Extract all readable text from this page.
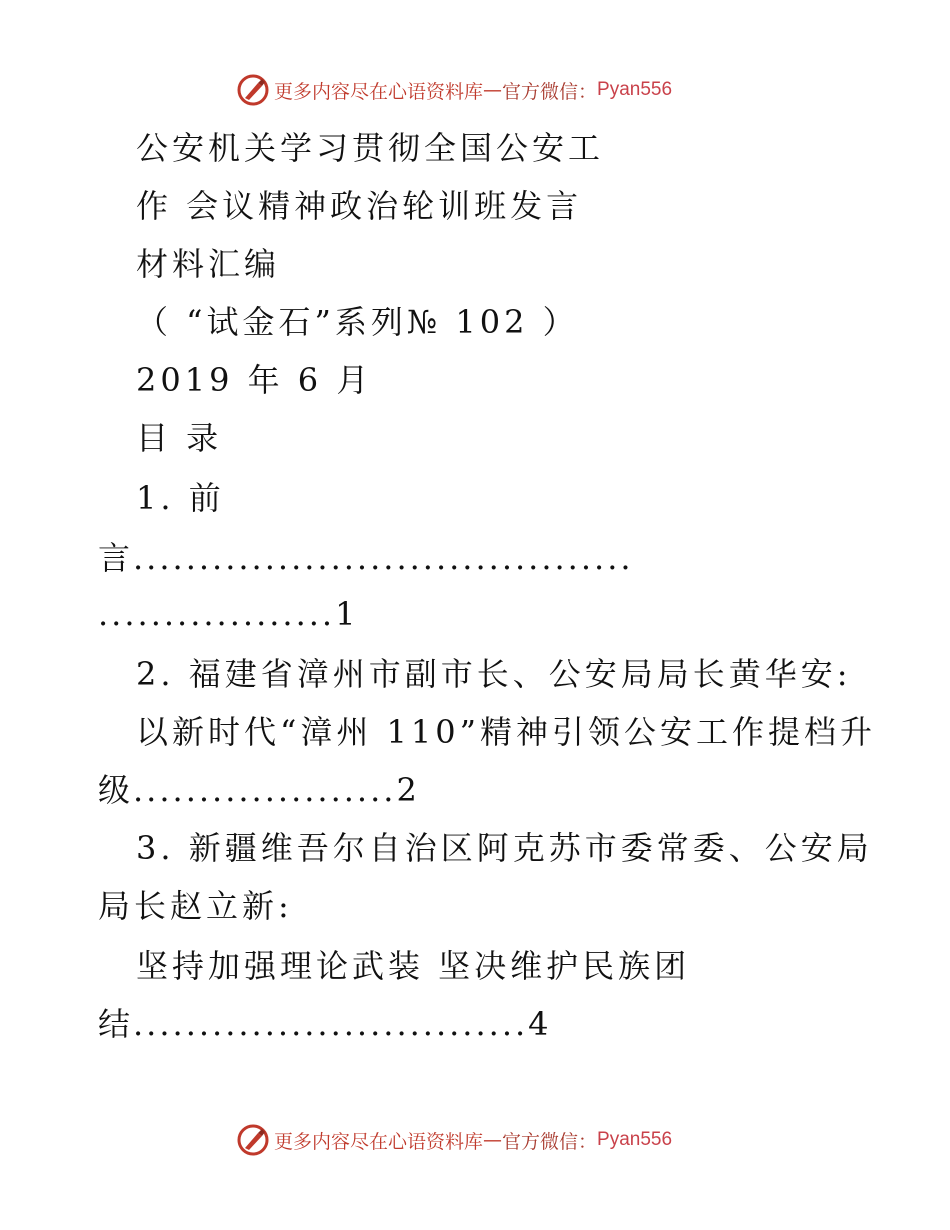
更多内容尽在心语资料库 — 官方微信： Pyan556
公安机关学习贯彻全国公安工
作 会议精神政治轮训班发言
材料汇编
（ “试金石”系列№ 102 ）
2019 年 6 月
目 录
1. 前
言......................................
..................1
2. 福建省漳州市副市长、公安局局长黄华安:
以新时代“漳州 110”精神引领公安工作提档升
级....................2
3. 新疆维吾尔自治区阿克苏市委常委、公安局
局长赵立新:
坚持加强理论武装 坚决维护民族团
结..............................4
更多内容尽在心语资料库 — 官方微信： Pyan556
